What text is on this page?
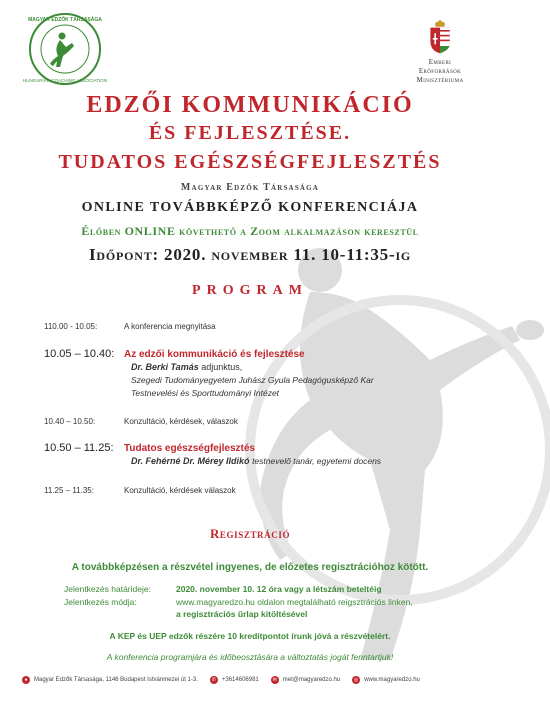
MAGYAR EDZŐK TÁRSASÁGA
HUNGARIAN COACHING ASSOCIATION
Emberi Erőforrások
Minisztériuma
EDZŐI KOMMUNIKÁCIÓ
ÉS FEJLESZTÉSE.
TUDATOS EGÉSZSÉGFEJLESZTÉS
Magyar Edzők Társasága
ONLINE TOVÁBBKÉPZŐ KONFERENCIÁJA
Élőben ONLINE követhető a Zoom alkalmazáson keresztül
Időpont: 2020. november 11. 10-11:35-ig
PROGRAM
110.00 - 10.05:	A konferencia megnyitása
10.05 – 10.40: Az edzői kommunikáció és fejlesztése
Dr. Berki Tamás adjunktus,
Szegedi Tudományegyetem Juhász Gyula Pedagógusképző Kar
Testnevelési és Sporttudományi Intézet
10.40 – 10.50:	Konzultáció, kérdések, válaszok
10.50 – 11.25: Tudatos egészségfejlesztés
Dr. Fehérné Dr. Mérey Ildikó testnevelő tanár, egyetemi docens
11.25 – 11.35:	Konzultáció, kérdések válaszok
Regisztráció
A továbbképzésen a részvétel ingyenes, de előzetes regisztrációhoz kötött.
Jelentkezés határideje:	2020. november 10. 12 óra vagy a létszám beteltéig
Jelentkezés módja:	www.magyaredzo.hu oldalon megtalálható reigsztrációs linken,
a regisztrációs űrlap kitöltésével
A KEP és UEP edzők részére 10 kreditpontot írunk jóvá a részvételért.
A konferencia programjára és időbeosztására a változtatás jogát fenntartjuk!
●	Magyar Edzők Társasága, 1146 Budapest Istvánmezei út 1-3.	✆ +3614606981	✉ met@magyaredzo.hu	◎ www.magyaredzo.hu
